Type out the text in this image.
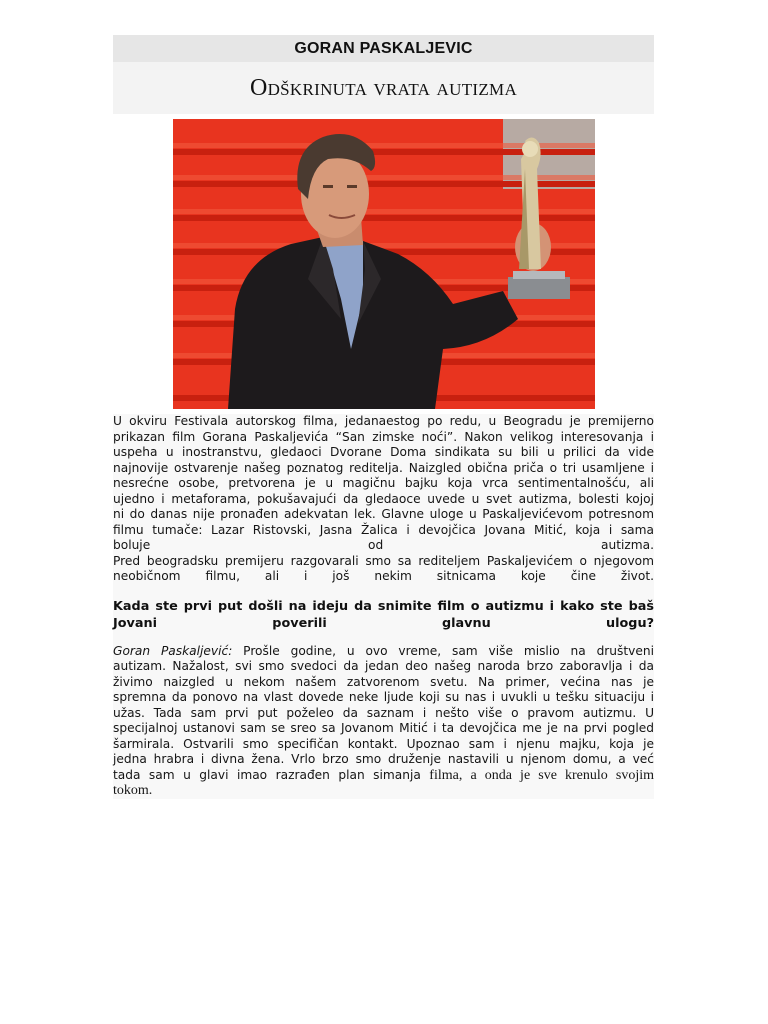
GORAN PASKALJEVIC
Odškrinuta vrata autizma

U okviru Festivala autorskog filma, jedanaestog po redu, u Beogradu je premijerno
prikazan film Gorana Paskaljevića “San zimske noći”. Nakon velikog interesovanja i
uspeha u inostranstvu, gledaoci Dvorane Doma sindikata su bili u prilici da vide
najnovije ostvarenje našeg poznatog reditelja. Naizgled obična priča o tri usamljene i
nesrećne osobe, pretvorena je u magičnu bajku koja vrca sentimentalnošću, ali
ujedno i metaforama, pokušavajući da gledaoce uvede u svet autizma, bolesti kojoj
ni do danas nije pronađen adekvatan lek. Glavne uloge u Paskaljevićevom potresnom
filmu tumače: Lazar Ristovski, Jasna Žalica i devojčica Jovana Mitić, koja i sama
boluje od autizma.
Pred beogradsku premijeru razgovarali smo sa rediteljem Paskaljevićem o njegovom
neobičnom filmu, ali i još nekim sitnicama koje čine život.

Kada ste prvi put došli na ideju da snimite film o autizmu i kako ste baš
Jovani poverili glavnu ulogu?

Goran Paskaljević: Prošle godine, u ovo vreme, sam više mislio na društveni
autizam. Nažalost, svi smo svedoci da jedan deo našeg naroda brzo zaboravlja i da
živimo naizgled u nekom našem zatvorenom svetu. Na primer, većina nas je
spremna da ponovo na vlast dovede neke ljude koji su nas i uvukli u tešku situaciju i
užas. Tada sam prvi put poželeo da saznam i nešto više o pravom autizmu. U
specijalnoj ustanovi sam se sreo sa Jovanom Mitić i ta devojčica me je na prvi pogled
šarmirala. Ostvarili smo specifičan kontakt. Upoznao sam i njenu majku, koja je
jedna hrabra i divna žena. Vrlo brzo smo druženje nastavili u njenom domu, a već
tada sam u glavi imao razrađen plan simanja filma, a onda je sve krenulo svojim
tokom.
